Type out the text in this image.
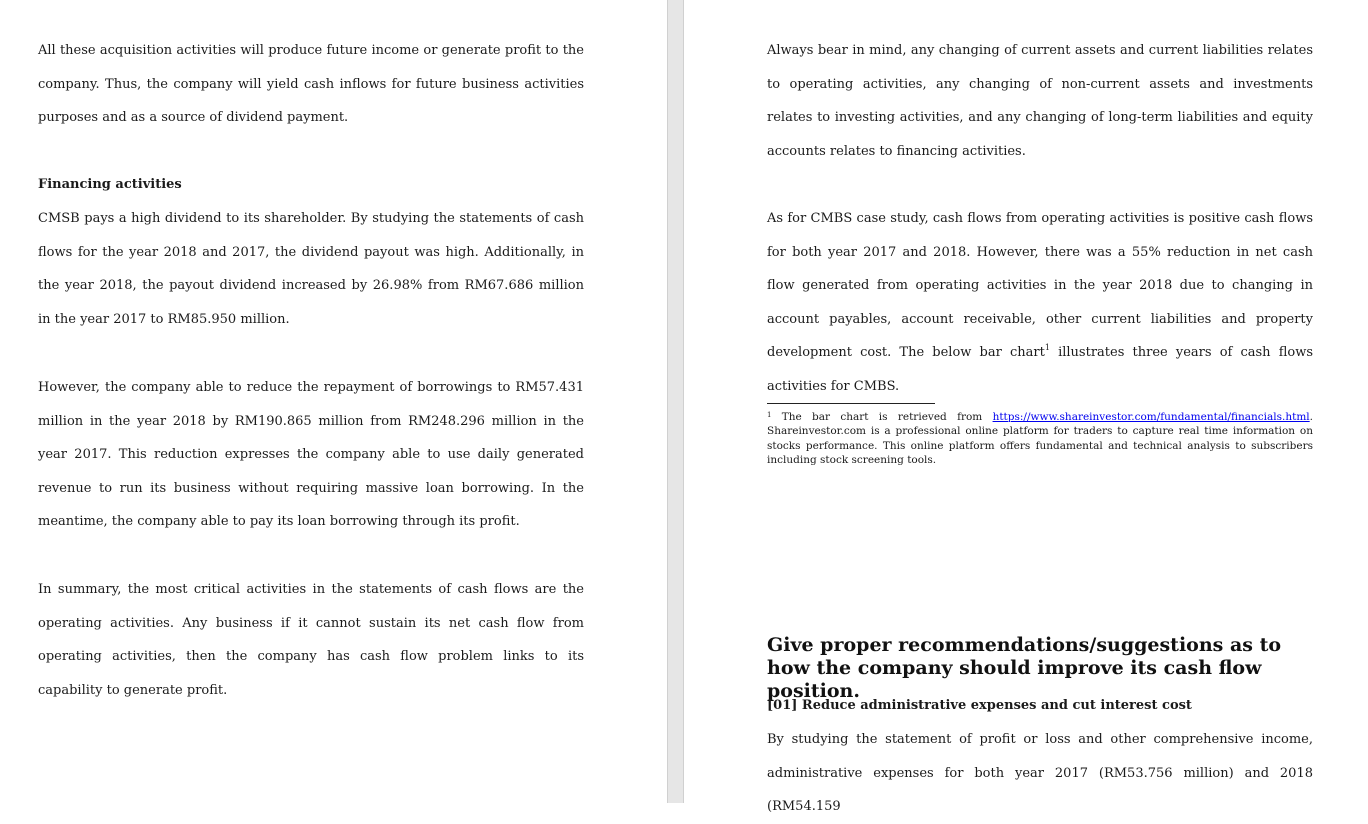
All these acquisition activities will produce future income or generate profit to the company. Thus, the company will yield cash inflows for future business activities purposes and as a source of dividend payment.

Financing activities

CMSB pays a high dividend to its shareholder. By studying the statements of cash flows for the year 2018 and 2017, the dividend payout was high. Additionally, in the year 2018, the payout dividend increased by 26.98% from RM67.686 million in the year 2017 to RM85.950 million.

However, the company able to reduce the repayment of borrowings to RM57.431 million in the year 2018 by RM190.865 million from RM248.296 million in the year 2017. This reduction expresses the company able to use daily generated revenue to run its business without requiring massive loan borrowing. In the meantime, the company able to pay its loan borrowing through its profit.

In summary, the most critical activities in the statements of cash flows are the operating activities. Any business if it cannot sustain its net cash flow from operating activities, then the company has cash flow problem links to its capability to generate profit.

Always bear in mind, any changing of current assets and current liabilities relates to operating activities, any changing of non-current assets and investments relates to investing activities, and any changing of long-term liabilities and equity accounts relates to financing activities.

As for CMBS case study, cash flows from operating activities is positive cash flows for both year 2017 and 2018. However, there was a 55% reduction in net cash flow generated from operating activities in the year 2018 due to changing in account payables, account receivable, other current liabilities and property development cost. The below bar chart$^1$ illustrates three years of cash flows activities for CMBS.

$^1$ The bar chart is retrieved from https://www.shareinvestor.com/fundamental/financials.html. Shareinvestor.com is a professional online platform for traders to capture real time information on stocks performance. This online platform offers fundamental and technical analysis to subscribers including stock screening tools.

Give proper recommendations/suggestions as to how the company should improve its cash flow position.
[01] Reduce administrative expenses and cut interest cost

By studying the statement of profit or loss and other comprehensive income, administrative expenses for both year 2017 (RM53.756 million) and 2018 (RM54.159
